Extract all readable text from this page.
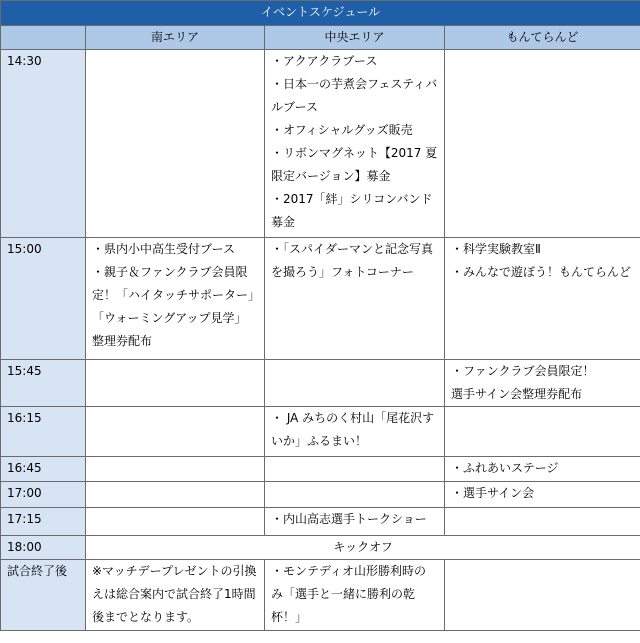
イベントスケジュール			
	南エリア	中央エリア	もんてらんど
14:30		・アクアクラブース
・日本一の芋煮会フェスティバルブース
・オフィシャルグッズ販売
・リボンマグネット【2017 夏限定バージョン】募金
・2017「絆」シリコンバンド募金	

15:00	・県内小中高生受付ブース
・親子＆ファンクラブ会員限定！「ハイタッチサポーター」「ウォーミングアップ見学」整理券配布	・「スパイダーマンと記念写真を撮ろう」フォトコーナー	・科学実験教室Ⅱ
・みんなで遊ぼう！もんてらんど

15:45			・ファンクラブ会員限定！
選手サイン会整理券配布

16:15		・ JA みちのく村山「尾花沢すいか」ふるまい！	

16:45			・ふれあいステージ

17:00			・選手サイン会

17:15		・内山高志選手トークショー	

18:00	キックオフ		
試合終了後	※マッチデープレゼントの引換えは総合案内で試合終了1時間後までとなります。	・モンテディオ山形勝利時のみ「選手と一緒に勝利の乾杯！」	
